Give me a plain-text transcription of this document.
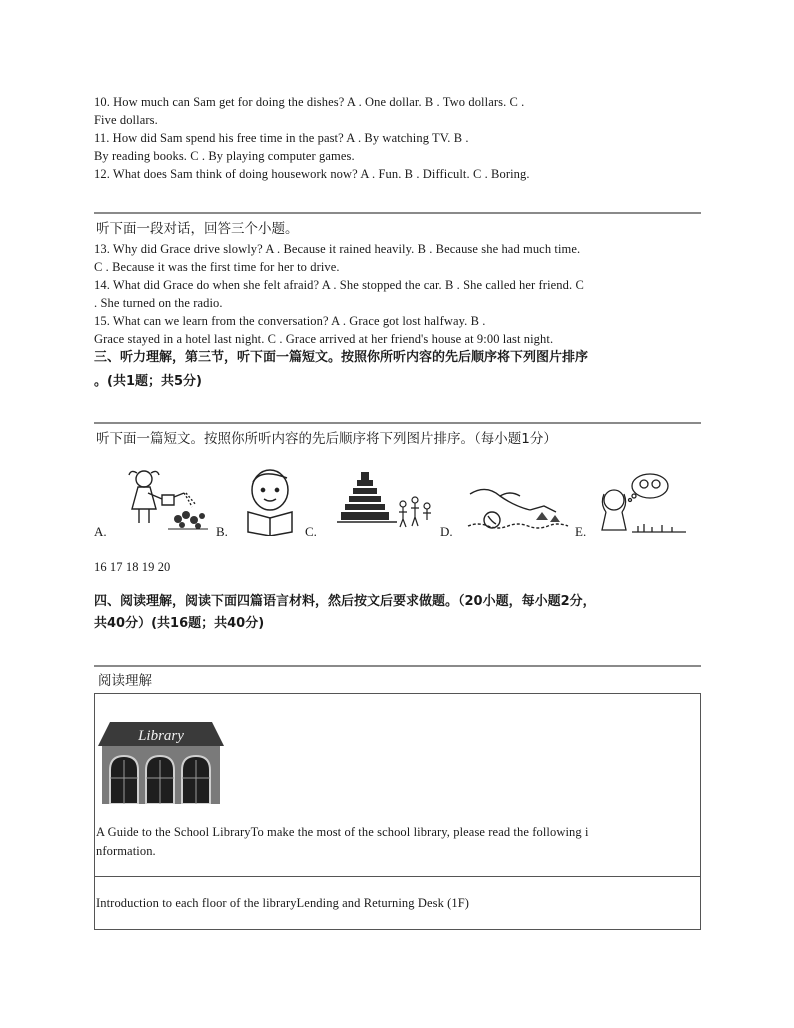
10. How much can Sam get for doing the dishes? A . One dollar. B . Two dollars. C .
Five dollars.
11. How did Sam spend his free time in the past? A . By watching TV. B .
By reading books. C . By playing computer games.
12. What does Sam think of doing housework now? A . Fun. B . Difficult. C . Boring.
听下面一段对话，回答三个小题。
13. Why did Grace drive slowly? A . Because it rained heavily. B . Because she had much time.
C . Because it was the first time for her to drive.
14. What did Grace do when she felt afraid? A . She stopped the car. B . She called her friend. C
. She turned on the radio.
15. What can we learn from the conversation? A . Grace got lost halfway. B .
Grace stayed in a hotel last night. C . Grace arrived at her friend's house at 9:00 last night.
三、听力理解，第三节，听下面一篇短文。按照你所听内容的先后顺序将下列图片排序
。(共1题；共5分)
听下面一篇短文。按照你所听内容的先后顺序将下列图片排序。（每小题1分）
A.	B.	C.	D.	E.
16 17 18 19 20
四、阅读理解，阅读下面四篇语言材料，然后按文后要求做题。（20小题，每小题2分，
共40分）(共16题；共40分)
阅读理解
Library
A Guide to the School LibraryTo make the most of the school library, please read the following i
nformation.
Introduction to each floor of the libraryLending and Returning Desk (1F)
